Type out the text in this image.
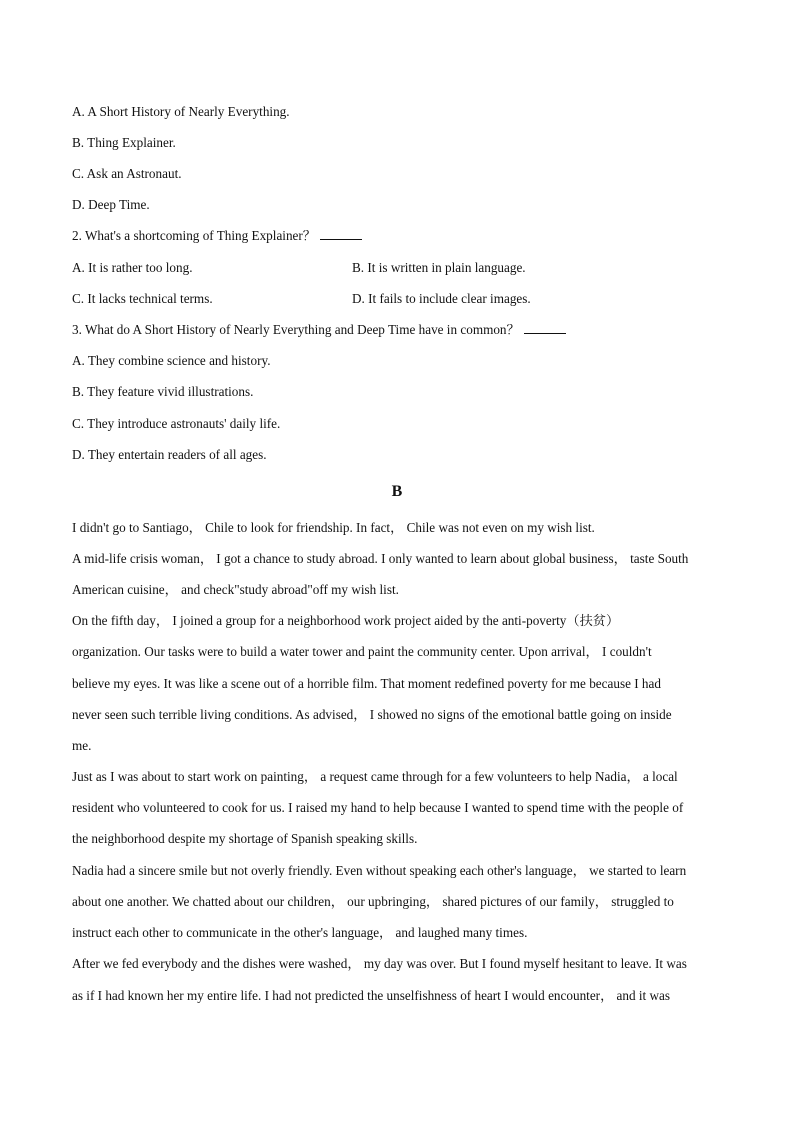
A. A Short History of Nearly Everything.
B. Thing Explainer.
C. Ask an Astronaut.
D. Deep Time.
2. What's a shortcoming of Thing Explainer？
A. It is rather too long.	B. It is written in plain language.
C. It lacks technical terms.	D. It fails to include clear images.
3. What do A Short History of Nearly Everything and Deep Time have in common？
A. They combine science and history.
B. They feature vivid illustrations.
C. They introduce astronauts' daily life.
D. They entertain readers of all ages.
B
I didn't go to Santiago， Chile to look for friendship. In fact， Chile was not even on my wish list.
A mid-life crisis woman， I got a chance to study abroad. I only wanted to learn about global business， taste South
American cuisine， and check"study abroad"off my wish list.
On the fifth day， I joined a group for a neighborhood work project aided by the anti-poverty（扶贫）
organization. Our tasks were to build a water tower and paint the community center. Upon arrival， I couldn't
believe my eyes. It was like a scene out of a horrible film. That moment redefined poverty for me because I had
never seen such terrible living conditions. As advised， I showed no signs of the emotional battle going on inside
me.
Just as I was about to start work on painting， a request came through for a few volunteers to help Nadia， a local
resident who volunteered to cook for us. I raised my hand to help because I wanted to spend time with the people of
the neighborhood despite my shortage of Spanish speaking skills.
Nadia had a sincere smile but not overly friendly. Even without speaking each other's language， we started to learn
about one another. We chatted about our children， our upbringing， shared pictures of our family， struggled to
instruct each other to communicate in the other's language， and laughed many times.
After we fed everybody and the dishes were washed， my day was over. But I found myself hesitant to leave. It was
as if I had known her my entire life. I had not predicted the unselfishness of heart I would encounter， and it was
